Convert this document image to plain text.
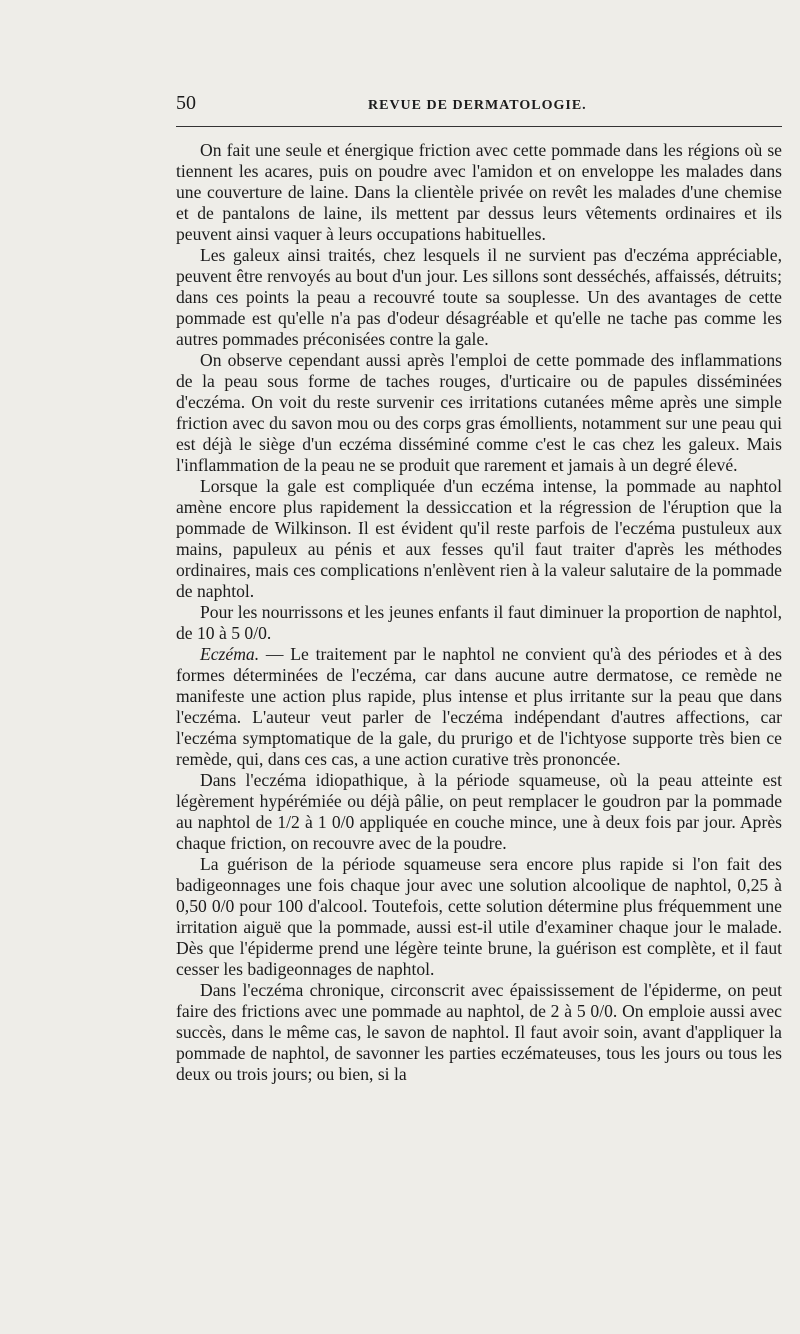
50	REVUE DE DERMATOLOGIE.

On fait une seule et énergique friction avec cette pommade dans les régions où se tiennent les acares, puis on poudre avec l'amidon et on enveloppe les malades dans une couverture de laine. Dans la clientèle privée on revêt les malades d'une chemise et de pantalons de laine, ils mettent par dessus leurs vêtements ordinaires et ils peuvent ainsi vaquer à leurs occupations habituelles.

Les galeux ainsi traités, chez lesquels il ne survient pas d'eczéma appréciable, peuvent être renvoyés au bout d'un jour. Les sillons sont desséchés, affaissés, détruits; dans ces points la peau a recouvré toute sa souplesse. Un des avantages de cette pommade est qu'elle n'a pas d'odeur désagréable et qu'elle ne tache pas comme les autres pommades préconisées contre la gale.

On observe cependant aussi après l'emploi de cette pommade des inflammations de la peau sous forme de taches rouges, d'urticaire ou de papules disséminées d'eczéma. On voit du reste survenir ces irritations cutanées même après une simple friction avec du savon mou ou des corps gras émollients, notamment sur une peau qui est déjà le siège d'un eczéma disséminé comme c'est le cas chez les galeux. Mais l'inflammation de la peau ne se produit que rarement et jamais à un degré élevé.

Lorsque la gale est compliquée d'un eczéma intense, la pommade au naphtol amène encore plus rapidement la dessiccation et la régression de l'éruption que la pommade de Wilkinson. Il est évident qu'il reste parfois de l'eczéma pustuleux aux mains, papuleux au pénis et aux fesses qu'il faut traiter d'après les méthodes ordinaires, mais ces complications n'enlèvent rien à la valeur salutaire de la pommade de naphtol.

Pour les nourrissons et les jeunes enfants il faut diminuer la proportion de naphtol, de 10 à 5 0/0.

Eczéma. — Le traitement par le naphtol ne convient qu'à des périodes et à des formes déterminées de l'eczéma, car dans aucune autre dermatose, ce remède ne manifeste une action plus rapide, plus intense et plus irritante sur la peau que dans l'eczéma. L'auteur veut parler de l'eczéma indépendant d'autres affections, car l'eczéma symptomatique de la gale, du prurigo et de l'ichtyose supporte très bien ce remède, qui, dans ces cas, a une action curative très prononcée.

Dans l'eczéma idiopathique, à la période squameuse, où la peau atteinte est légèrement hypérémiée ou déjà pâlie, on peut remplacer le goudron par la pommade au naphtol de 1/2 à 1 0/0 appliquée en couche mince, une à deux fois par jour. Après chaque friction, on recouvre avec de la poudre.

La guérison de la période squameuse sera encore plus rapide si l'on fait des badigeonnages une fois chaque jour avec une solution alcoolique de naphtol, 0,25 à 0,50 0/0 pour 100 d'alcool. Toutefois, cette solution détermine plus fréquemment une irritation aiguë que la pommade, aussi est-il utile d'examiner chaque jour le malade. Dès que l'épiderme prend une légère teinte brune, la guérison est complète, et il faut cesser les badigeonnages de naphtol.

Dans l'eczéma chronique, circonscrit avec épaississement de l'épiderme, on peut faire des frictions avec une pommade au naphtol, de 2 à 5 0/0. On emploie aussi avec succès, dans le même cas, le savon de naphtol. Il faut avoir soin, avant d'appliquer la pommade de naphtol, de savonner les parties eczémateuses, tous les jours ou tous les deux ou trois jours; ou bien, si la
